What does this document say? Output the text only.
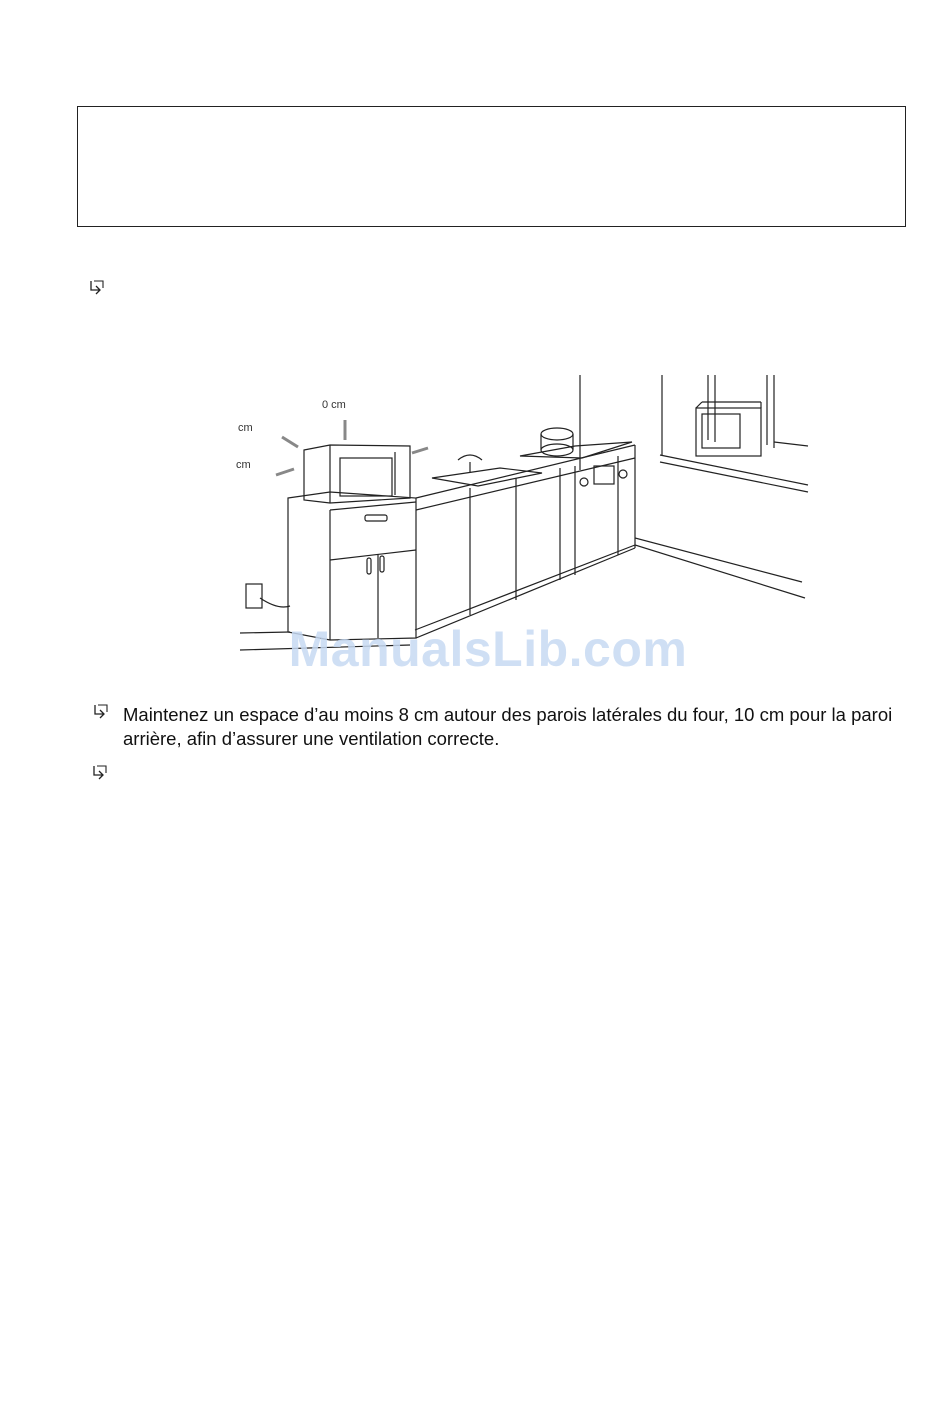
0 cm
cm
cm
ManualsLib.com
Maintenez un espace d’au moins 8 cm autour des parois latérales du four, 10 cm pour la paroi arrière, afin d’assurer une ventilation correcte.
